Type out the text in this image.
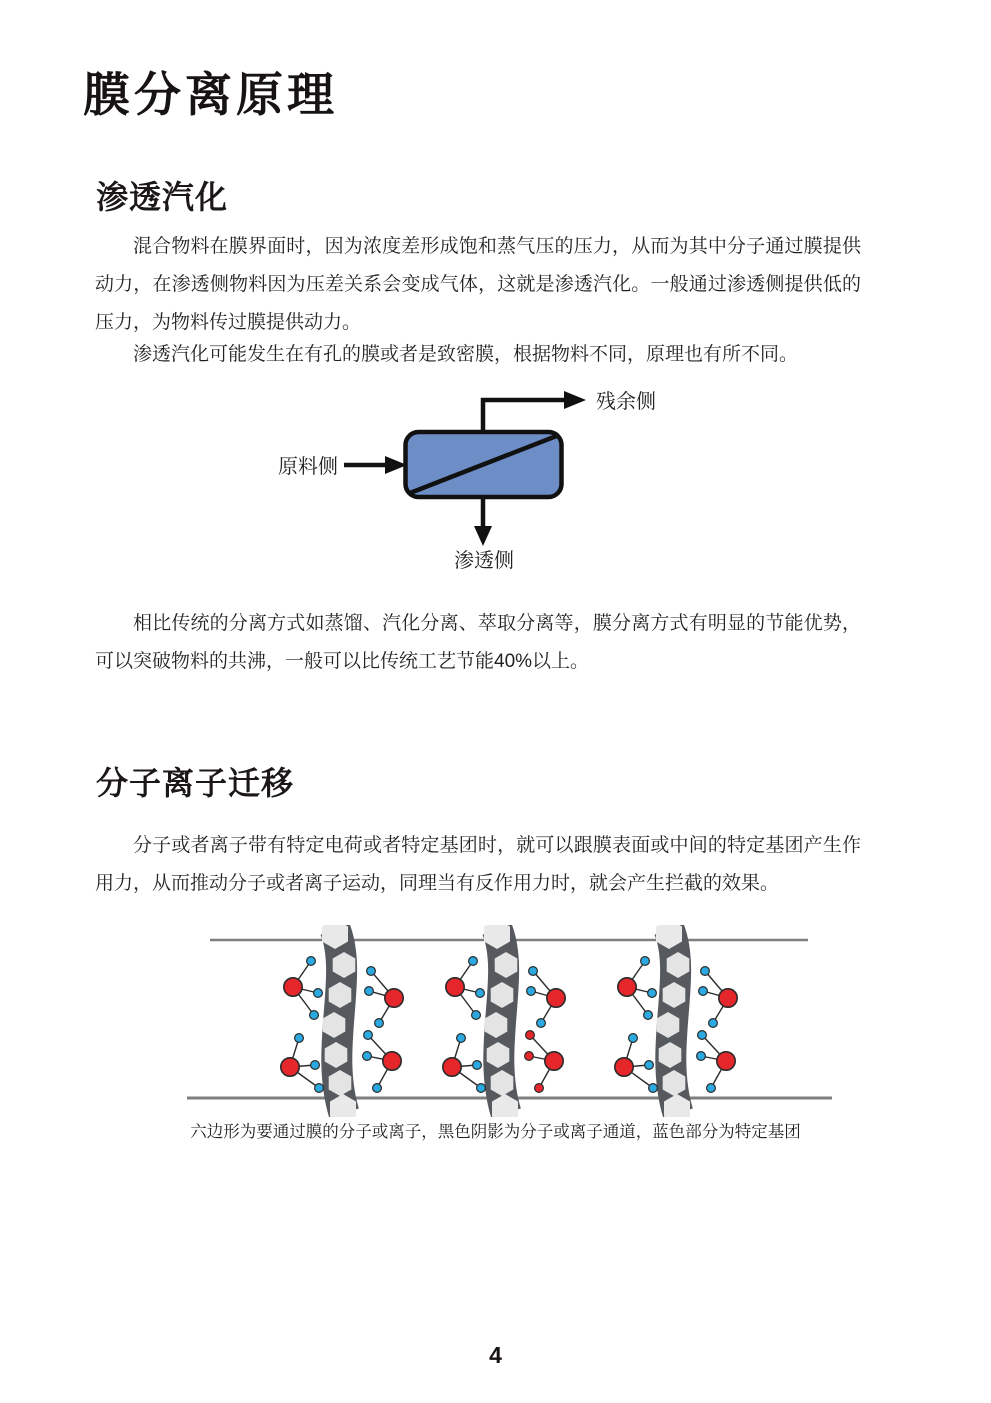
膜分离原理
渗透汽化
混合物料在膜界面时，因为浓度差形成饱和蒸气压的压力，从而为其中分子通过膜提供动力，在渗透侧物料因为压差关系会变成气体，这就是渗透汽化。一般通过渗透侧提供低的压力，为物料传过膜提供动力。
渗透汽化可能发生在有孔的膜或者是致密膜，根据物料不同，原理也有所不同。
原料侧
残余侧
渗透侧
相比传统的分离方式如蒸馏、汽化分离、萃取分离等，膜分离方式有明显的节能优势，可以突破物料的共沸，一般可以比传统工艺节能40%以上。
分子离子迁移
分子或者离子带有特定电荷或者特定基团时，就可以跟膜表面或中间的特定基团产生作用力，从而推动分子或者离子运动，同理当有反作用力时，就会产生拦截的效果。
六边形为要通过膜的分子或离子，黑色阴影为分子或离子通道，蓝色部分为特定基团
4
